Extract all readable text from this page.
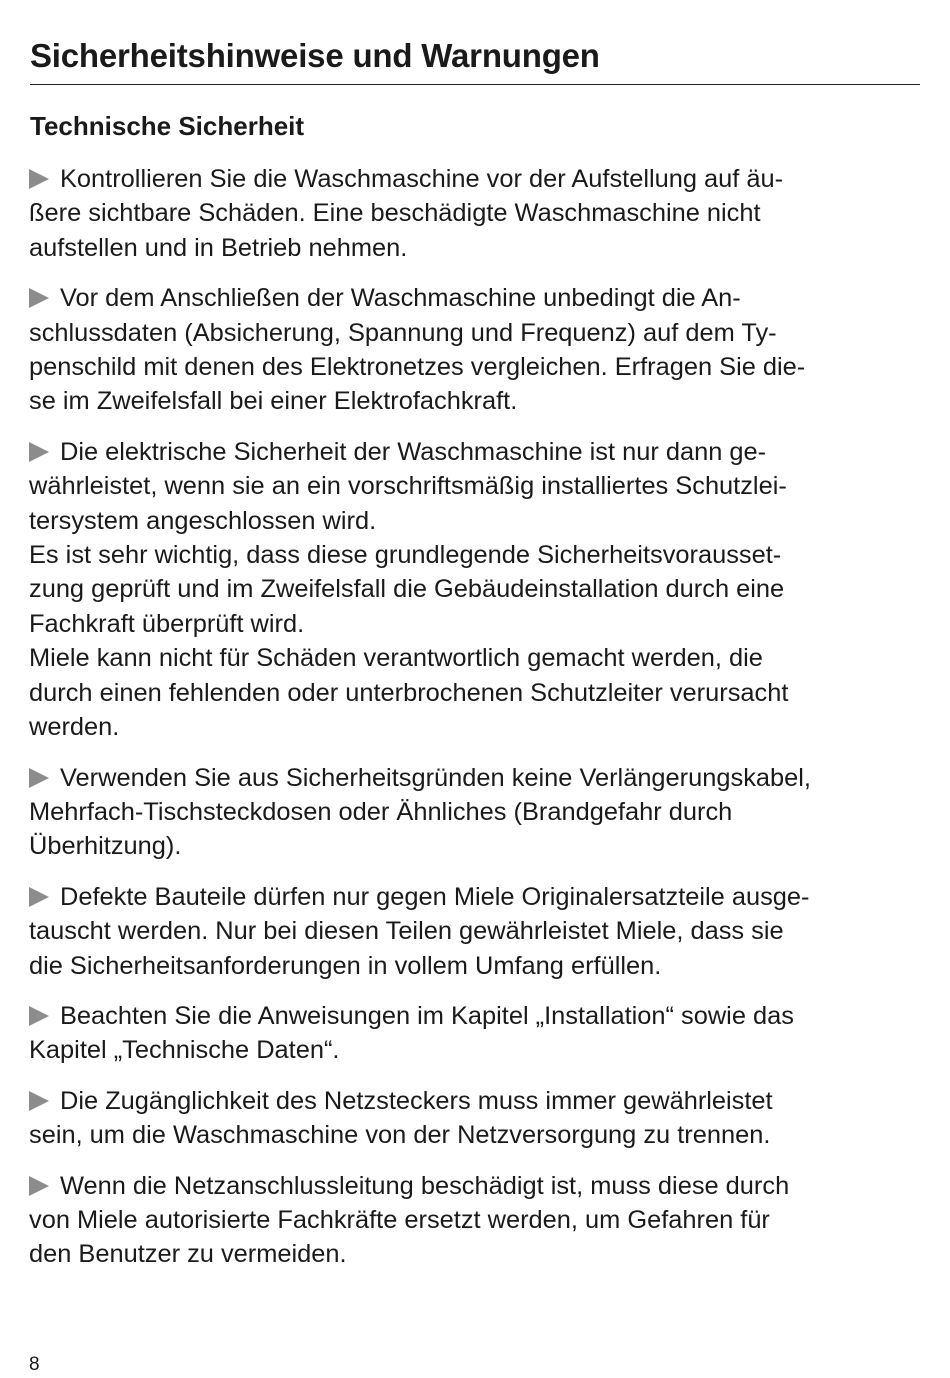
Sicherheitshinweise und Warnungen
Technische Sicherheit
Kontrollieren Sie die Waschmaschine vor der Aufstellung auf äu-
ßere sichtbare Schäden. Eine beschädigte Waschmaschine nicht
aufstellen und in Betrieb nehmen.
Vor dem Anschließen der Waschmaschine unbedingt die An-
schlussdaten (Absicherung, Spannung und Frequenz) auf dem Ty-
penschild mit denen des Elektronetzes vergleichen. Erfragen Sie die-
se im Zweifelsfall bei einer Elektrofachkraft.
Die elektrische Sicherheit der Waschmaschine ist nur dann ge-
währleistet, wenn sie an ein vorschriftsmäßig installiertes Schutzlei-
tersystem angeschlossen wird.
Es ist sehr wichtig, dass diese grundlegende Sicherheitsvorausset-
zung geprüft und im Zweifelsfall die Gebäudeinstallation durch eine
Fachkraft überprüft wird.
Miele kann nicht für Schäden verantwortlich gemacht werden, die
durch einen fehlenden oder unterbrochenen Schutzleiter verursacht
werden.
Verwenden Sie aus Sicherheitsgründen keine Verlängerungskabel,
Mehrfach-Tischsteckdosen oder Ähnliches (Brandgefahr durch
Überhitzung).
Defekte Bauteile dürfen nur gegen Miele Originalersatzteile ausge-
tauscht werden. Nur bei diesen Teilen gewährleistet Miele, dass sie
die Sicherheitsanforderungen in vollem Umfang erfüllen.
Beachten Sie die Anweisungen im Kapitel „Installation“ sowie das
Kapitel „Technische Daten“.
Die Zugänglichkeit des Netzsteckers muss immer gewährleistet
sein, um die Waschmaschine von der Netzversorgung zu trennen.
Wenn die Netzanschlussleitung beschädigt ist, muss diese durch
von Miele autorisierte Fachkräfte ersetzt werden, um Gefahren für
den Benutzer zu vermeiden.
8
